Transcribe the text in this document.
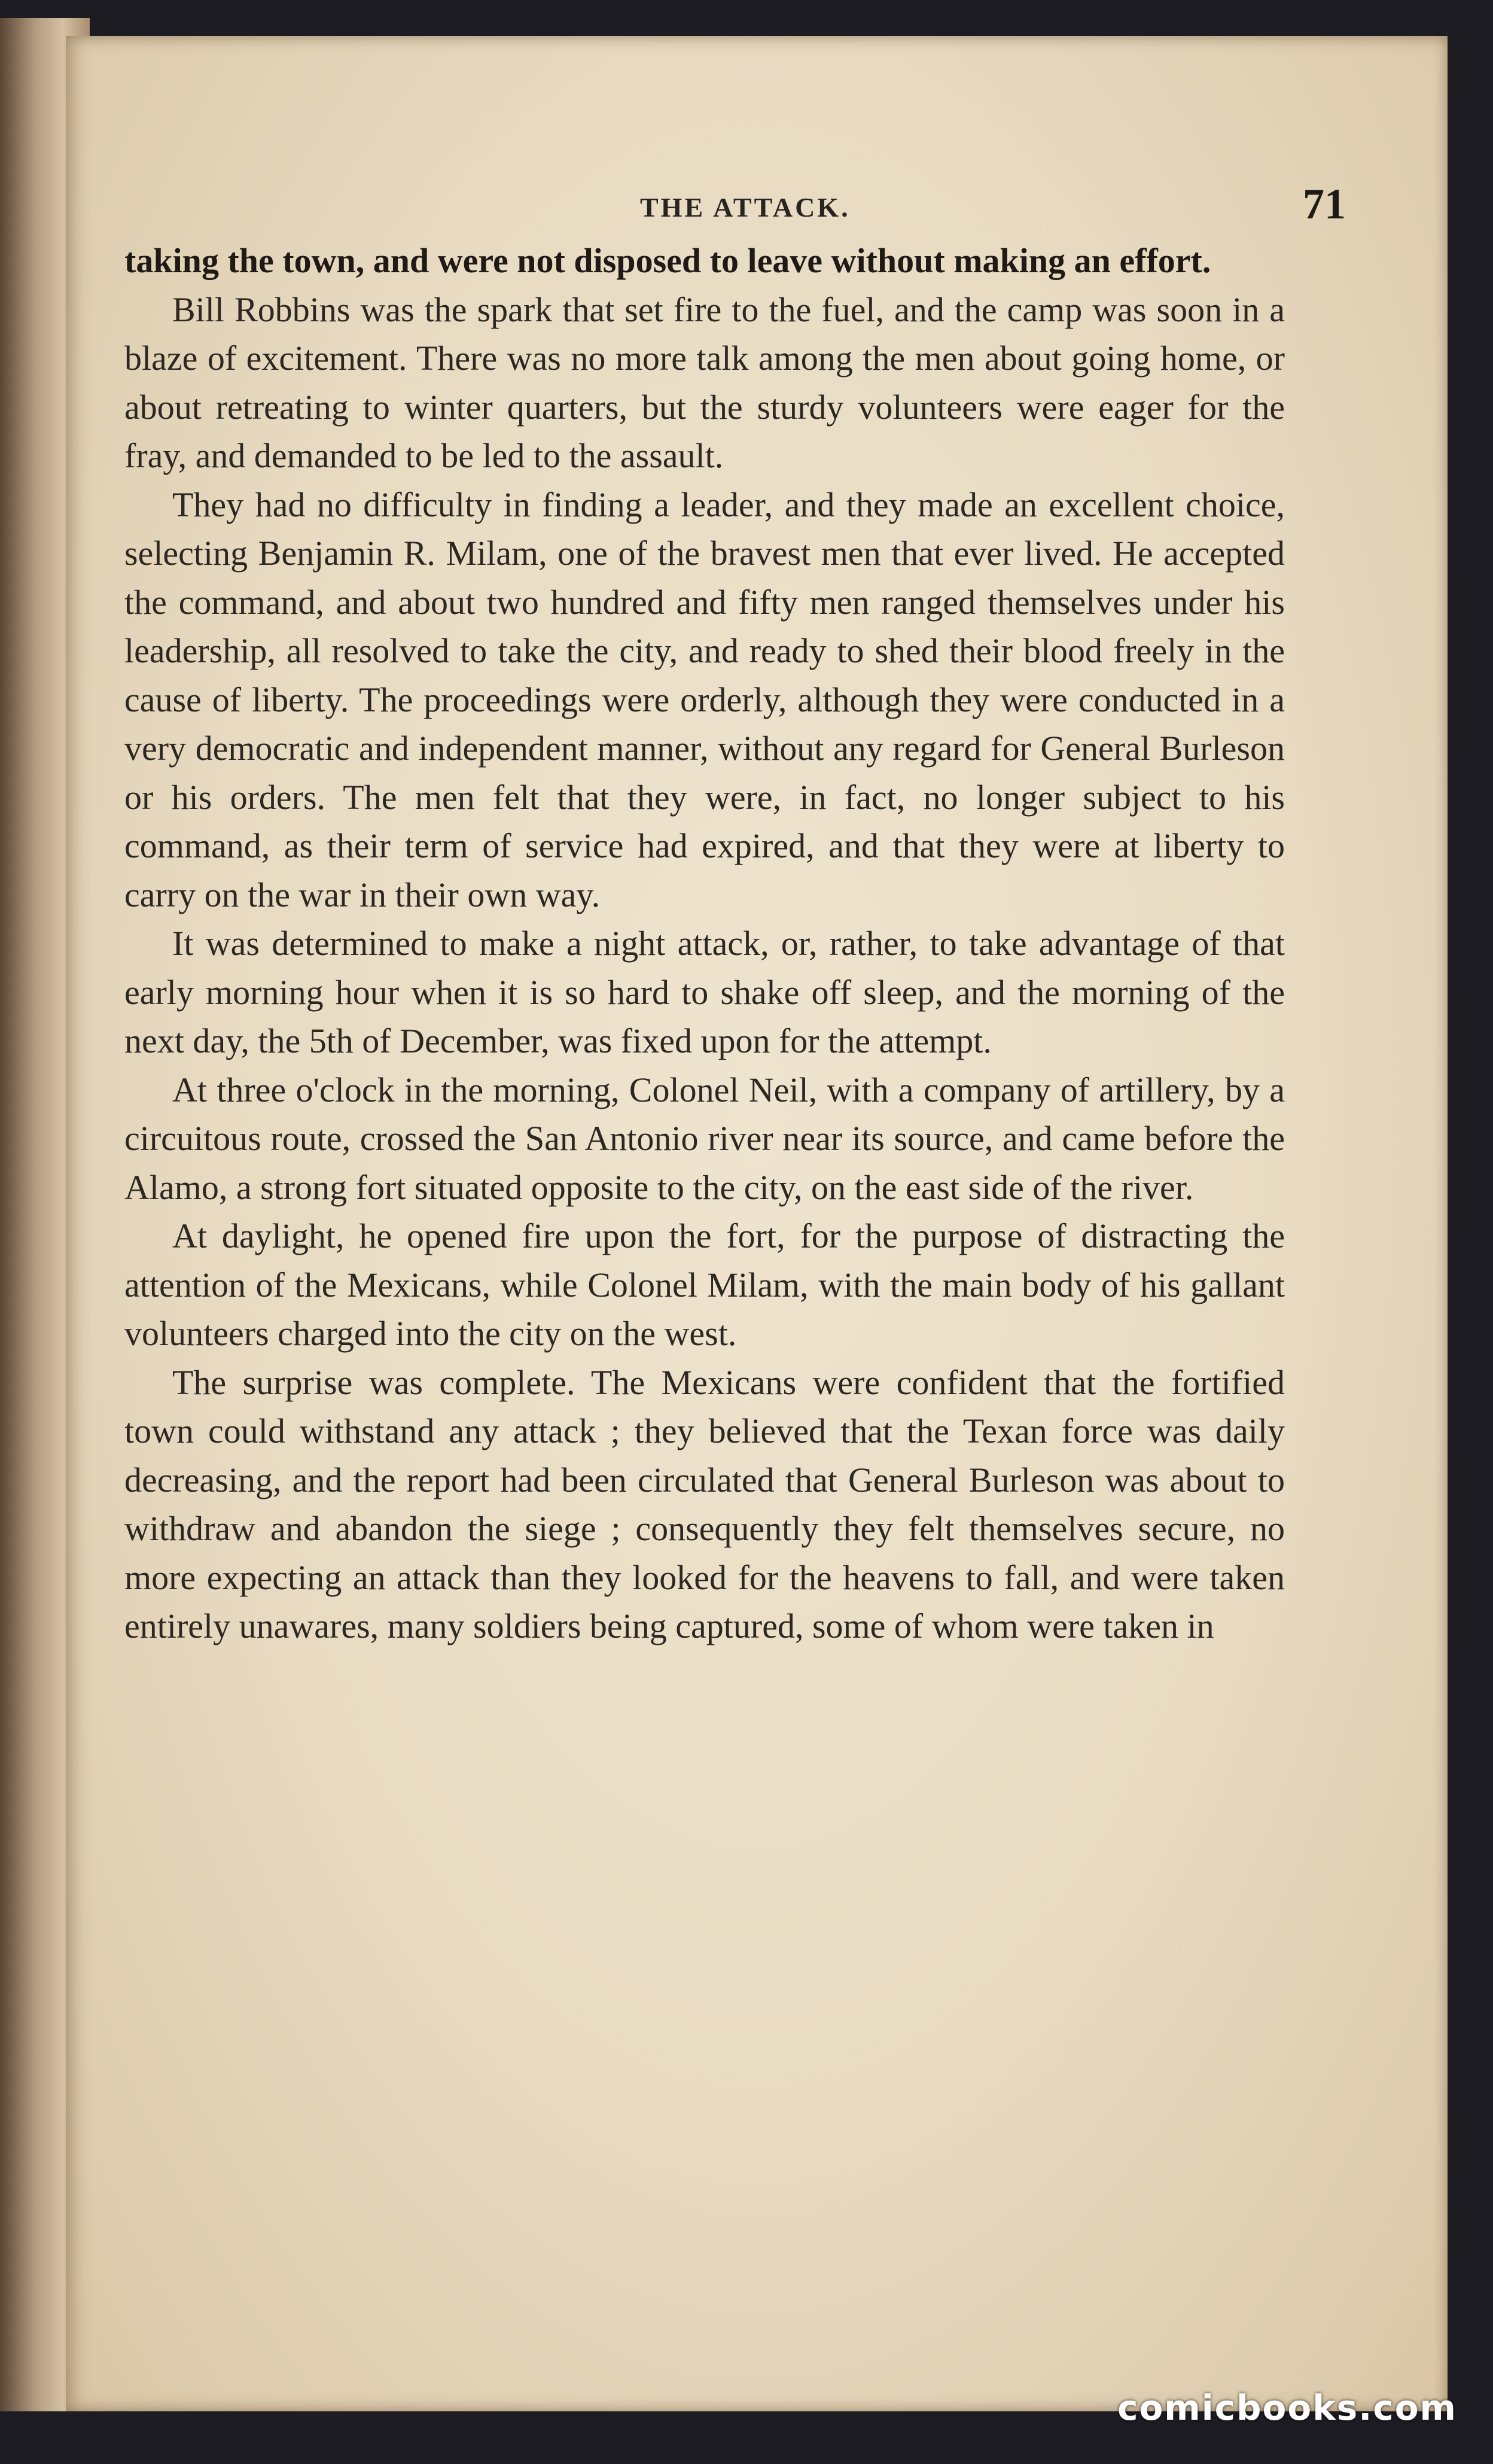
THE ATTACK.	71

taking the town, and were not disposed to leave without making an effort.

Bill Robbins was the spark that set fire to the fuel, and the camp was soon in a blaze of excitement. There was no more talk among the men about going home, or about retreating to winter quarters, but the sturdy volunteers were eager for the fray, and demanded to be led to the assault.

They had no difficulty in finding a leader, and they made an excellent choice, selecting Benjamin R. Milam, one of the bravest men that ever lived. He accepted the command, and about two hundred and fifty men ranged themselves under his leadership, all resolved to take the city, and ready to shed their blood freely in the cause of liberty. The proceedings were orderly, although they were conducted in a very democratic and independent manner, without any regard for General Burleson or his orders. The men felt that they were, in fact, no longer subject to his command, as their term of service had expired, and that they were at liberty to carry on the war in their own way.

It was determined to make a night attack, or, rather, to take advantage of that early morning hour when it is so hard to shake off sleep, and the morning of the next day, the 5th of December, was fixed upon for the attempt.

At three o'clock in the morning, Colonel Neil, with a company of artillery, by a circuitous route, crossed the San Antonio river near its source, and came before the Alamo, a strong fort situated opposite to the city, on the east side of the river.

At daylight, he opened fire upon the fort, for the purpose of distracting the attention of the Mexicans, while Colonel Milam, with the main body of his gallant volunteers charged into the city on the west.

The surprise was complete. The Mexicans were confident that the fortified town could withstand any attack ; they believed that the Texan force was daily decreasing, and the report had been circulated that General Burleson was about to withdraw and abandon the siege ; consequently they felt themselves secure, no more expecting an attack than they looked for the heavens to fall, and were taken entirely unawares, many soldiers being captured, some of whom were taken in

comicbooks.com
